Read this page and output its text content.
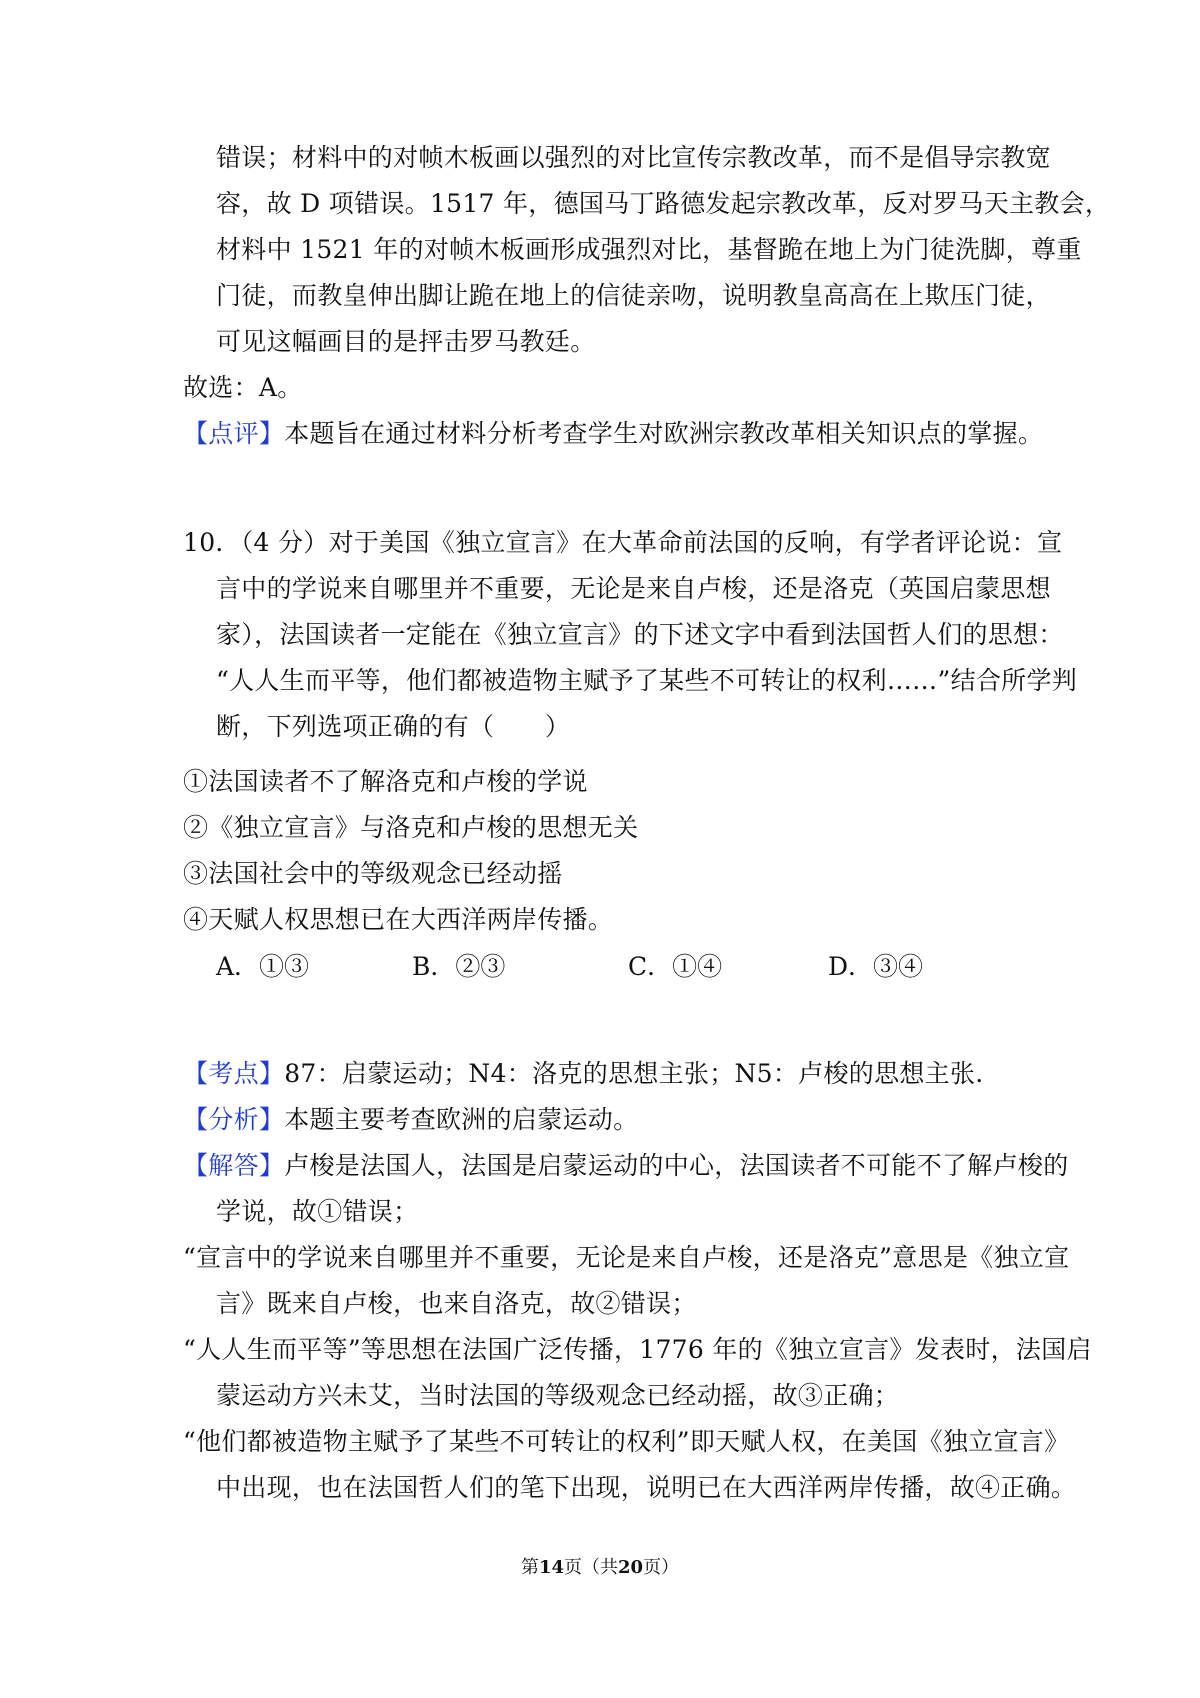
错误；材料中的对帧木板画以强烈的对比宣传宗教改革，而不是倡导宗教宽
容，故 D 项错误。1517 年，德国马丁路德发起宗教改革，反对罗马天主教会，
材料中 1521 年的对帧木板画形成强烈对比，基督跪在地上为门徒洗脚，尊重
门徒，而教皇伸出脚让跪在地上的信徒亲吻，说明教皇高高在上欺压门徒，
可见这幅画目的是抨击罗马教廷。
故选：A。
【点评】本题旨在通过材料分析考查学生对欧洲宗教改革相关知识点的掌握。
10．（4 分）对于美国《独立宣言》在大革命前法国的反响，有学者评论说：宣
言中的学说来自哪里并不重要，无论是来自卢梭，还是洛克（英国启蒙思想
家），法国读者一定能在《独立宣言》的下述文字中看到法国哲人们的思想：
“人人生而平等，他们都被造物主赋予了某些不可转让的权利……”结合所学判
断，下列选项正确的有（　　）
①法国读者不了解洛克和卢梭的学说
②《独立宣言》与洛克和卢梭的思想无关
③法国社会中的等级观念已经动摇
④天赋人权思想已在大西洋两岸传播。
A．①③	B．②③	C．①④	D．③④
【考点】87：启蒙运动；N4：洛克的思想主张；N5：卢梭的思想主张.
【分析】本题主要考查欧洲的启蒙运动。
【解答】卢梭是法国人，法国是启蒙运动的中心，法国读者不可能不了解卢梭的
学说，故①错误；
“宣言中的学说来自哪里并不重要，无论是来自卢梭，还是洛克”意思是《独立宣
言》既来自卢梭，也来自洛克，故②错误；
“人人生而平等”等思想在法国广泛传播，1776 年的《独立宣言》发表时，法国启
蒙运动方兴未艾，当时法国的等级观念已经动摇，故③正确；
“他们都被造物主赋予了某些不可转让的权利”即天赋人权，在美国《独立宣言》
中出现，也在法国哲人们的笔下出现，说明已在大西洋两岸传播，故④正确。
第14页（共20页）
